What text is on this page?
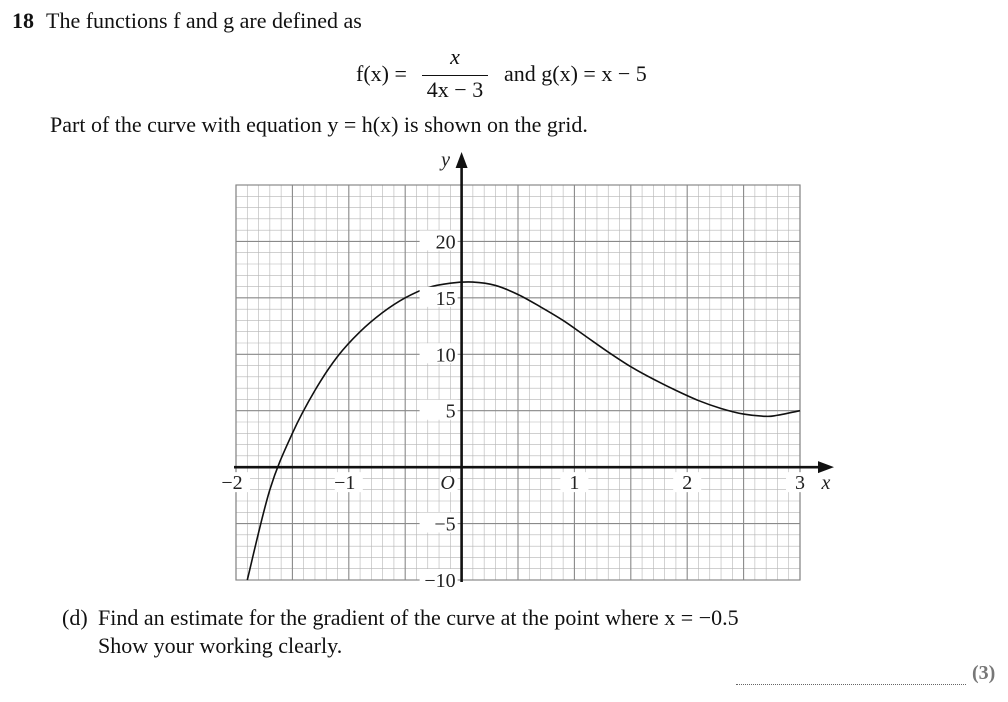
18 The functions f and g are defined as
f(x) =
x
4x − 3
and g(x) = x − 5
Part of the curve with equation y = h(x) is shown on the grid.
−2	−1	1	2	3
20
15
10
5
−5
−10
O	x
y
(d) Find an estimate for the gradient of the curve at the point where x = −0.5
Show your working clearly.
(3)
